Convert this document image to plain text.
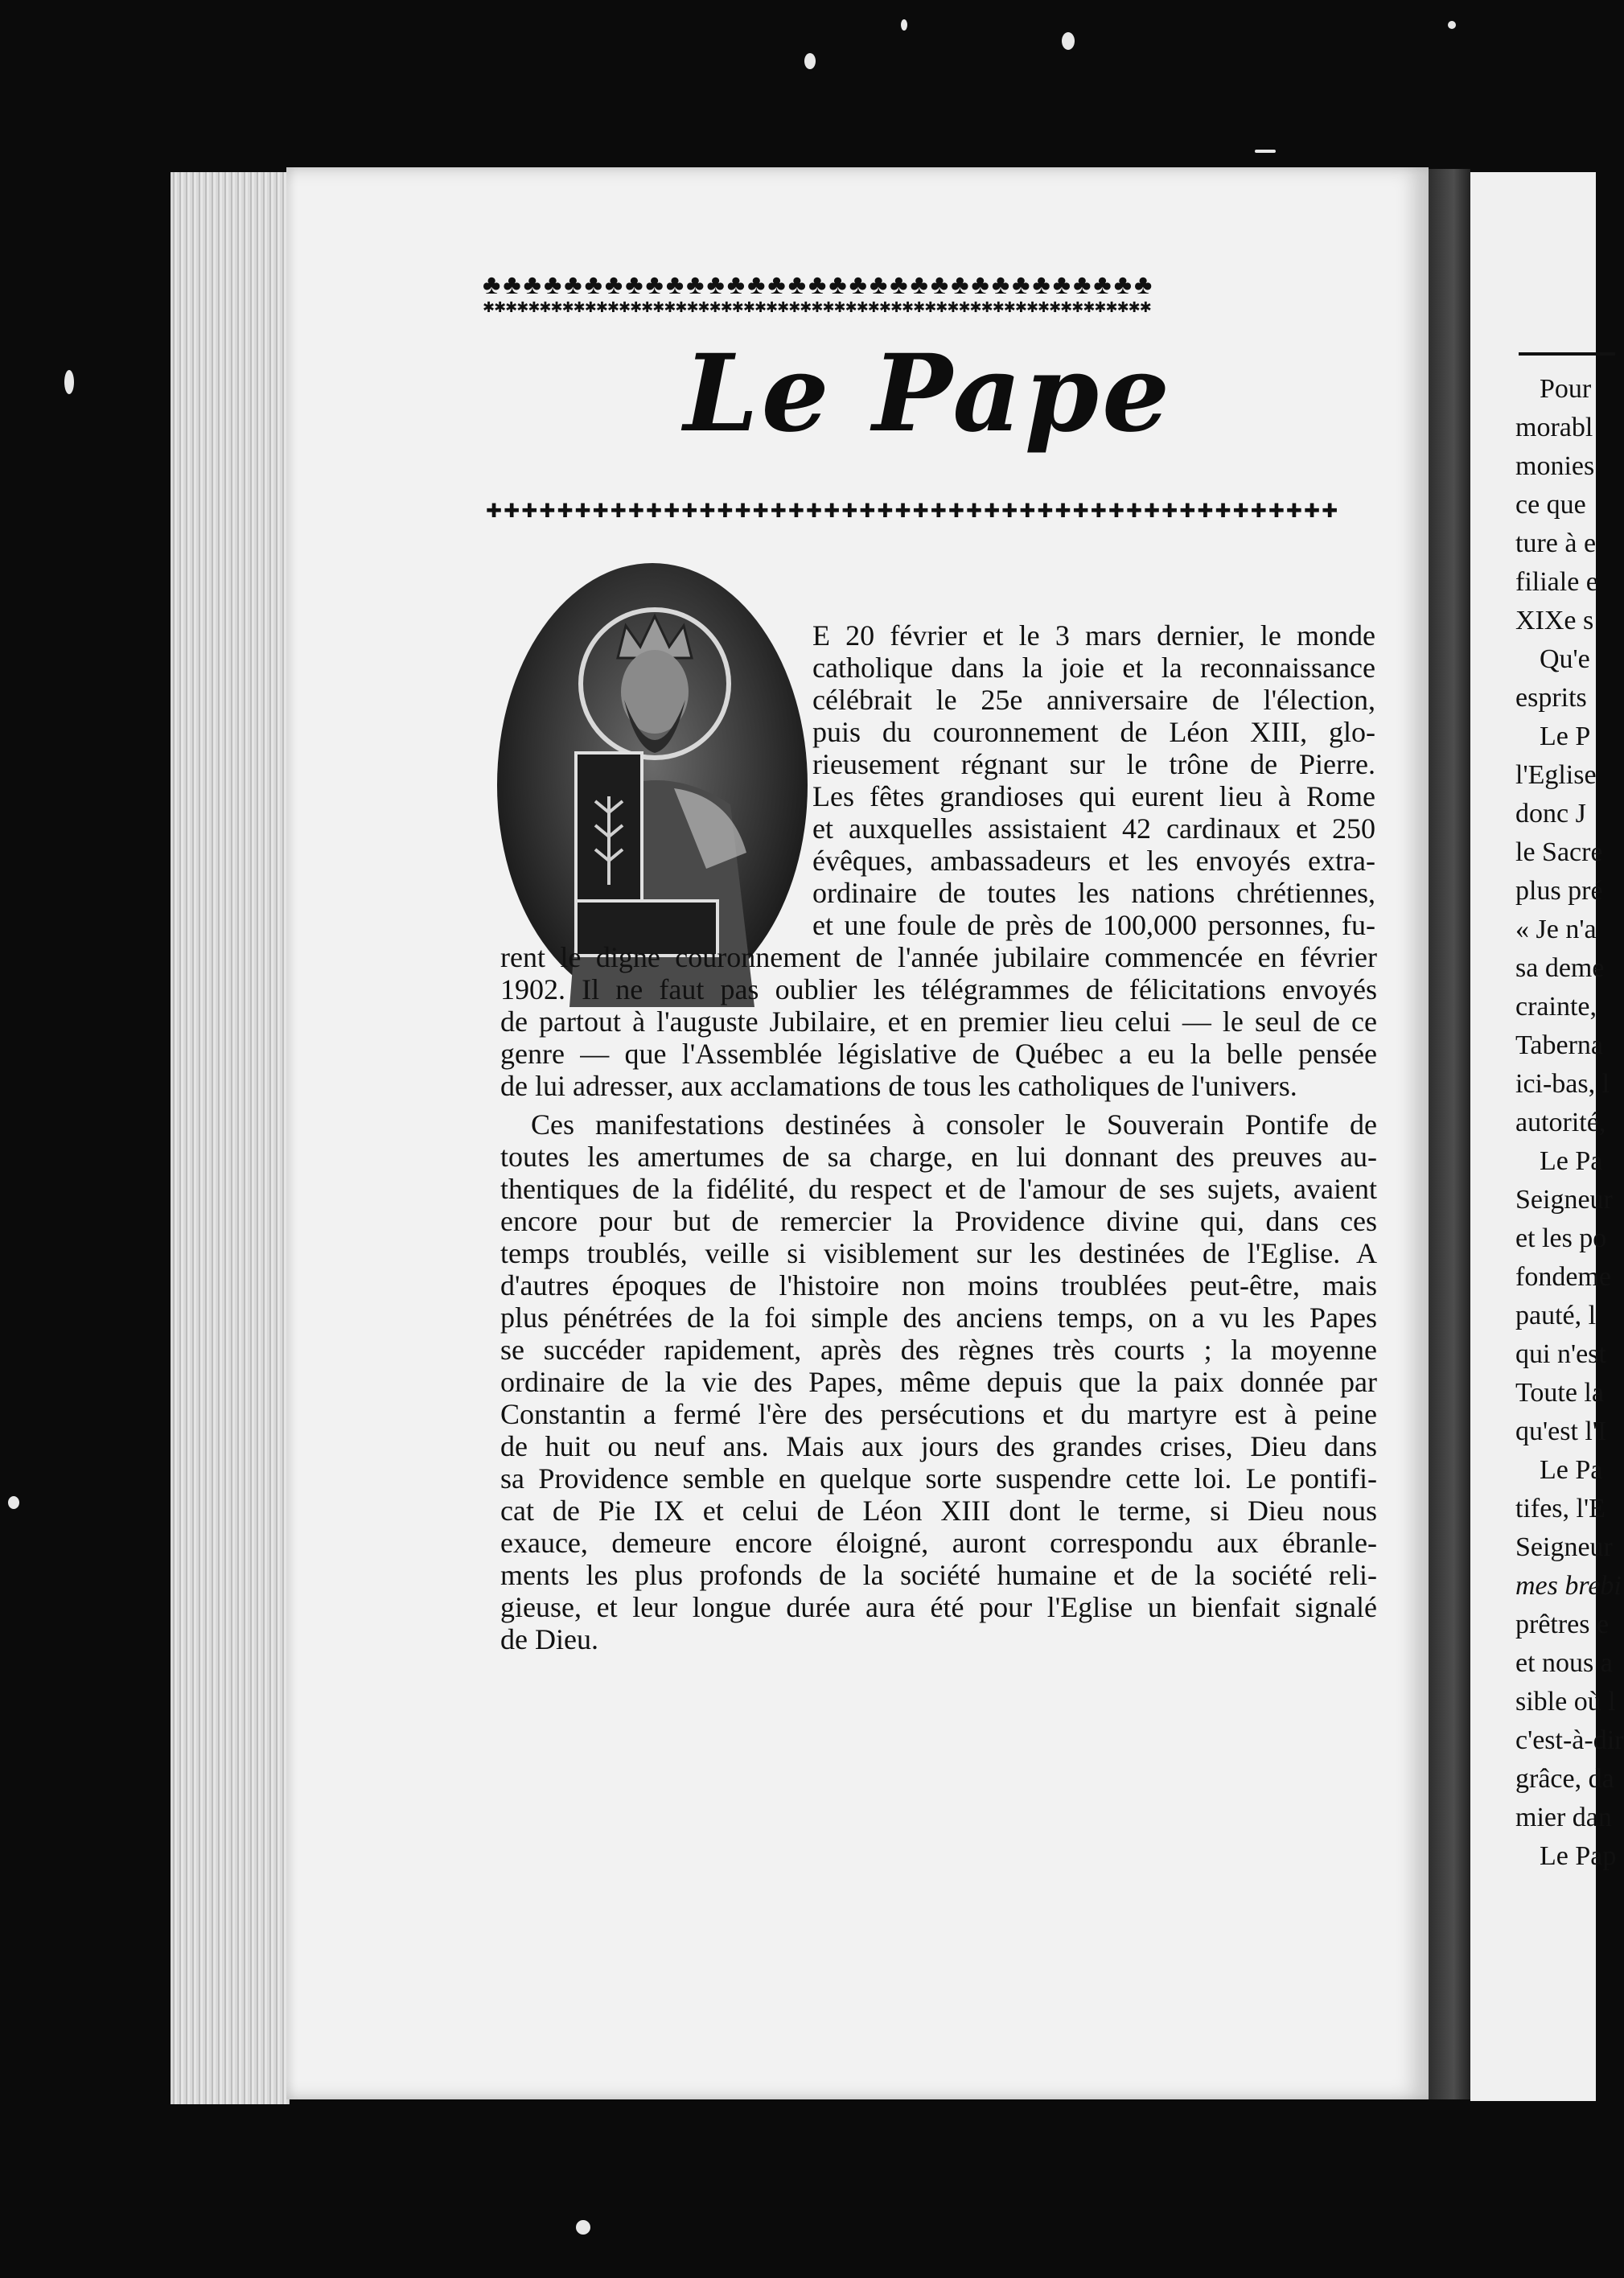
Pour
morabl
monies
ce que
ture à e
filiale e
XIXe s
Qu'e
esprits
Le P
l'Eglise
donc J
le Sacre
plus pré
« Je n'a
sa deme
crainte,
Taberna
ici-bas, l
autorité,
Le Pa
Seigneur
et les po
fondeme
pauté, l
qui n'est
Toute la
qu'est l'I
Le Pa
tifes, l'E
Seigneur
mes brebi
prêtres e
et nous a
sible où l
c'est-à-dir
grâce, da
mier dan
Le Pap
♣♣♣♣♣♣♣♣♣♣♣♣♣♣♣♣♣♣♣♣♣♣♣♣♣♣♣♣♣♣♣♣♣
✱✱✱✱✱✱✱✱✱✱✱✱✱✱✱✱✱✱✱✱✱✱✱✱✱✱✱✱✱✱✱✱✱✱✱✱✱✱✱✱✱✱✱✱✱✱✱✱✱✱✱✱✱✱✱✱✱✱✱
Le Pape
✚✚✚✚✚✚✚✚✚✚✚✚✚✚✚✚✚✚✚✚✚✚✚✚✚✚✚✚✚✚✚✚✚✚✚✚✚✚✚✚✚✚✚✚✚✚✚✚
E 20 février et le 3 mars dernier, le monde
catholique dans la joie et la reconnaissance
célébrait le 25e anniversaire de l'élection,
puis du couronnement de Léon XIII, glo-
rieusement régnant sur le trône de Pierre.
Les fêtes grandioses qui eurent lieu à Rome
et auxquelles assistaient 42 cardinaux et 250
évêques, ambassadeurs et les envoyés extra-
ordinaire de toutes les nations chrétiennes,
et une foule de près de 100,000 personnes, fu-
rent le digne couronnement de l'année jubilaire commencée en février
1902. Il ne faut pas oublier les télégrammes de félicitations envoyés
de partout à l'auguste Jubilaire, et en premier lieu celui — le seul de ce
genre — que l'Assemblée législative de Québec a eu la belle pensée
de lui adresser, aux acclamations de tous les catholiques de l'univers.
Ces manifestations destinées à consoler le Souverain Pontife de
toutes les amertumes de sa charge, en lui donnant des preuves au-
thentiques de la fidélité, du respect et de l'amour de ses sujets, avaient
encore pour but de remercier la Providence divine qui, dans ces
temps troublés, veille si visiblement sur les destinées de l'Eglise. A
d'autres époques de l'histoire non moins troublées peut-être, mais
plus pénétrées de la foi simple des anciens temps, on a vu les Papes
se succéder rapidement, après des règnes très courts ; la moyenne
ordinaire de la vie des Papes, même depuis que la paix donnée par
Constantin a fermé l'ère des persécutions et du martyre est à peine
de huit ou neuf ans. Mais aux jours des grandes crises, Dieu dans
sa Providence semble en quelque sorte suspendre cette loi. Le pontifi-
cat de Pie IX et celui de Léon XIII dont le terme, si Dieu nous
exauce, demeure encore éloigné, auront correspondu aux ébranle-
ments les plus profonds de la société humaine et de la société reli-
gieuse, et leur longue durée aura été pour l'Eglise un bienfait signalé
de Dieu.
